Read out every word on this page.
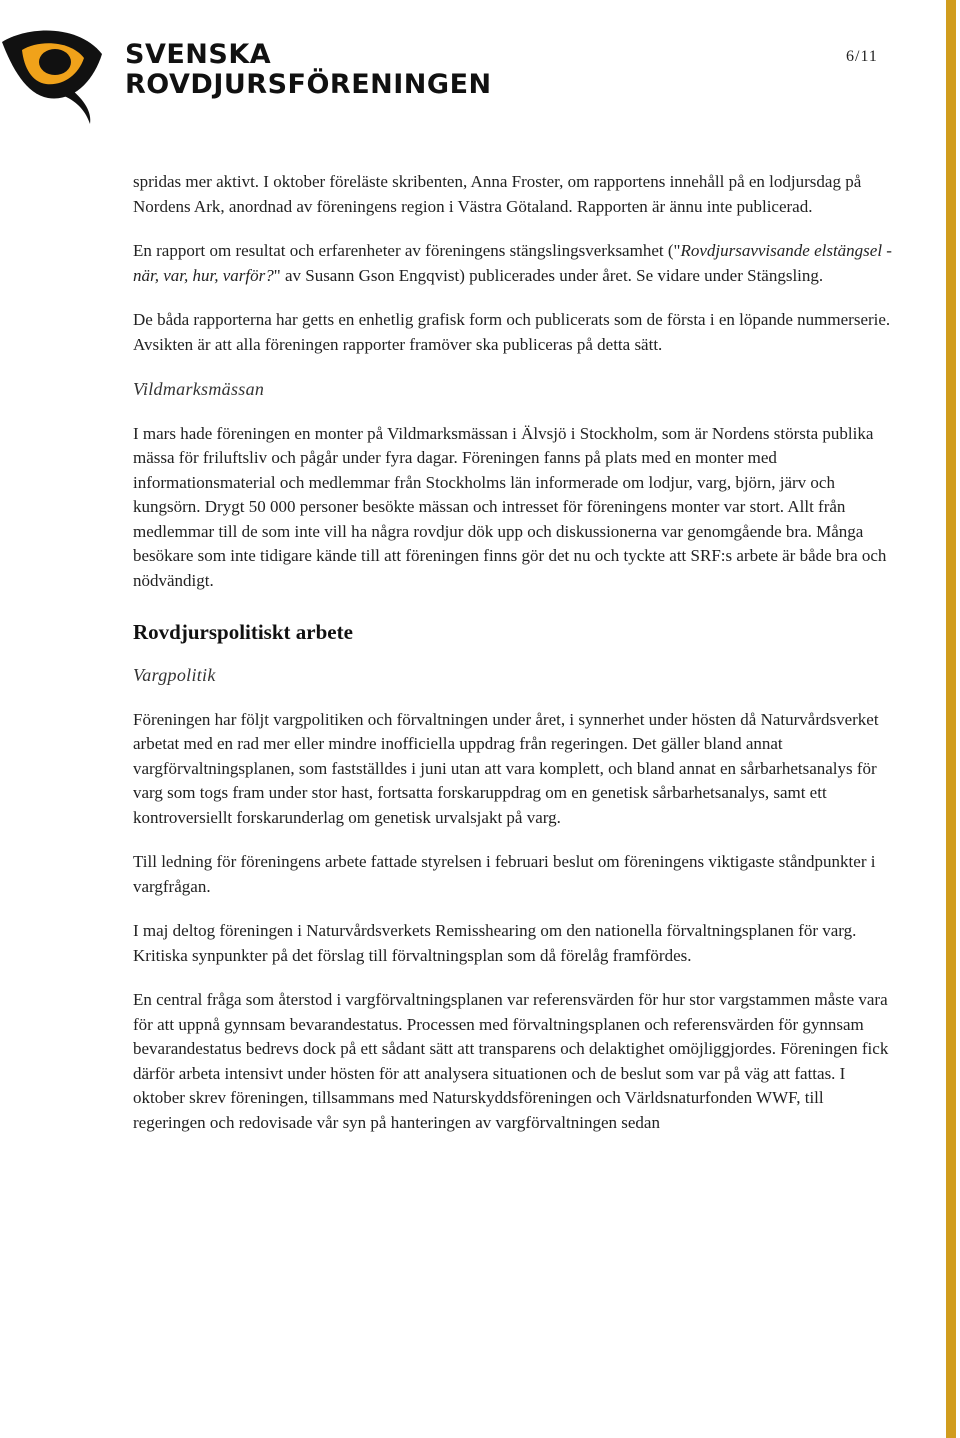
SVENSKA
ROVDJURSFÖRENINGEN
6/11

spridas mer aktivt. I oktober föreläste skribenten, Anna Froster, om rapportens innehåll på en lodjursdag på Nordens Ark, anordnad av föreningens region i Västra Götaland. Rapporten är ännu inte publicerad.

En rapport om resultat och erfarenheter av föreningens stängslingsverksamhet ("Rovdjursavvisande elstängsel - när, var, hur, varför?" av Susann Gson Engqvist) publicerades under året. Se vidare under Stängsling.

De båda rapporterna har getts en enhetlig grafisk form och publicerats som de första i en löpande nummerserie. Avsikten är att alla föreningen rapporter framöver ska publiceras på detta sätt.

Vildmarksmässan

I mars hade föreningen en monter på Vildmarksmässan i Älvsjö i Stockholm, som är Nordens största publika mässa för friluftsliv och pågår under fyra dagar. Föreningen fanns på plats med en monter med informationsmaterial och medlemmar från Stockholms län informerade om lodjur, varg, björn, järv och kungsörn. Drygt 50 000 personer besökte mässan och intresset för föreningens monter var stort. Allt från medlemmar till de som inte vill ha några rovdjur dök upp och diskussionerna var genomgående bra. Många besökare som inte tidigare kände till att föreningen finns gör det nu och tyckte att SRF:s arbete är både bra och nödvändigt.

Rovdjurspolitiskt arbete
Vargpolitik

Föreningen har följt vargpolitiken och förvaltningen under året, i synnerhet under hösten då Naturvårdsverket arbetat med en rad mer eller mindre inofficiella uppdrag från regeringen. Det gäller bland annat vargförvaltningsplanen, som fastställdes i juni utan att vara komplett, och bland annat en sårbarhetsanalys för varg som togs fram under stor hast, fortsatta forskaruppdrag om en genetisk sårbarhetsanalys, samt ett kontroversiellt forskarunderlag om genetisk urvalsjakt på varg.

Till ledning för föreningens arbete fattade styrelsen i februari beslut om föreningens viktigaste ståndpunkter i vargfrågan.

I maj deltog föreningen i Naturvårdsverkets Remisshearing om den nationella förvaltningsplanen för varg. Kritiska synpunkter på det förslag till förvaltningsplan som då förelåg framfördes.

En central fråga som återstod i vargförvaltningsplanen var referensvärden för hur stor vargstammen måste vara för att uppnå gynnsam bevarandestatus. Processen med förvaltningsplanen och referensvärden för gynnsam bevarandestatus bedrevs dock på ett sådant sätt att transparens och delaktighet omöjliggjordes. Föreningen fick därför arbeta intensivt under hösten för att analysera situationen och de beslut som var på väg att fattas. I oktober skrev föreningen, tillsammans med Naturskyddsföreningen och Världsnaturfonden WWF, till regeringen och redovisade vår syn på hanteringen av vargförvaltningen sedan
